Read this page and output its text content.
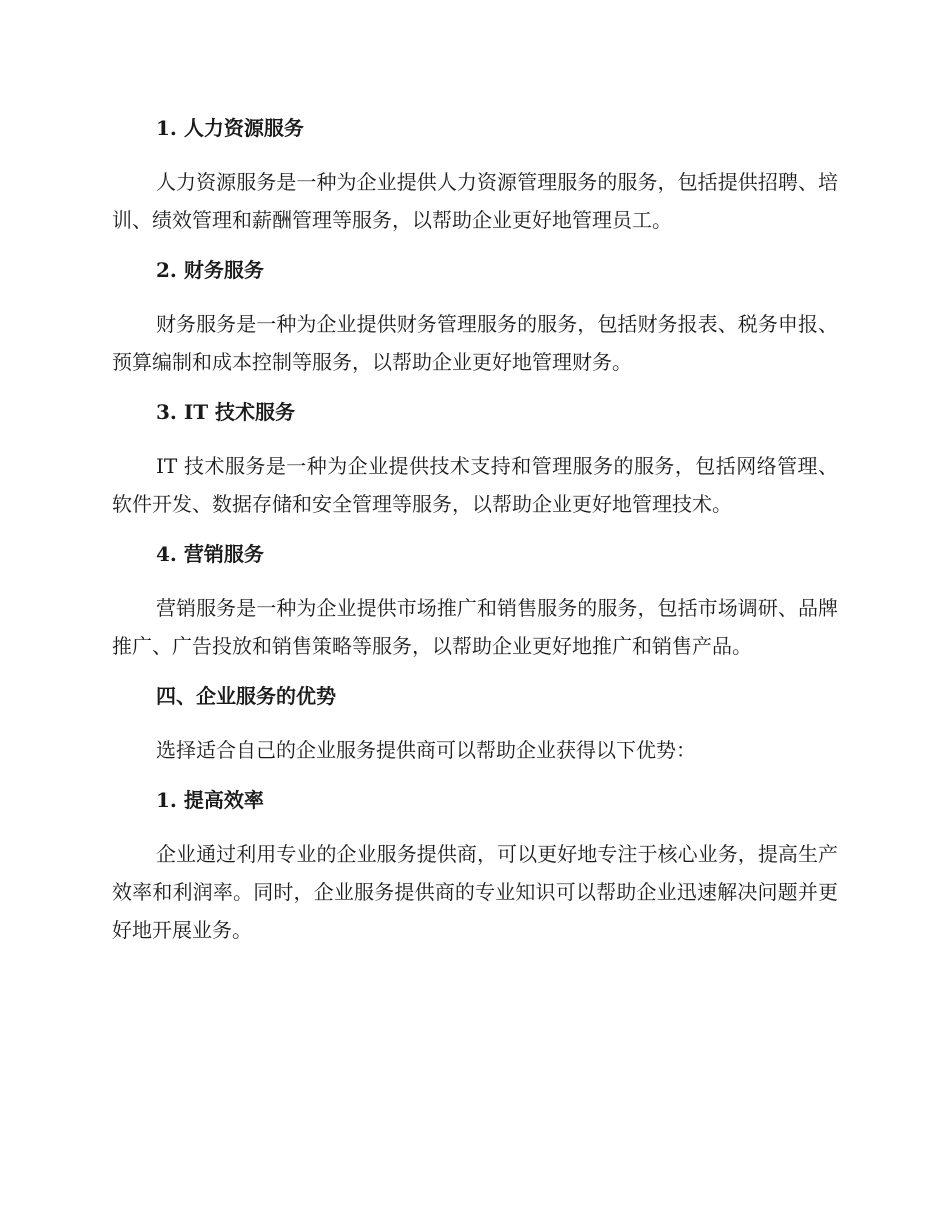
1. 人力资源服务

人力资源服务是一种为企业提供人力资源管理服务的服务，包括提供招聘、培训、绩效管理和薪酬管理等服务，以帮助企业更好地管理员工。

2. 财务服务

财务服务是一种为企业提供财务管理服务的服务，包括财务报表、税务申报、预算编制和成本控制等服务，以帮助企业更好地管理财务。

3. IT 技术服务

IT 技术服务是一种为企业提供技术支持和管理服务的服务，包括网络管理、软件开发、数据存储和安全管理等服务，以帮助企业更好地管理技术。

4. 营销服务

营销服务是一种为企业提供市场推广和销售服务的服务，包括市场调研、品牌推广、广告投放和销售策略等服务，以帮助企业更好地推广和销售产品。

四、企业服务的优势

选择适合自己的企业服务提供商可以帮助企业获得以下优势：

1. 提高效率

企业通过利用专业的企业服务提供商，可以更好地专注于核心业务，提高生产效率和利润率。同时，企业服务提供商的专业知识可以帮助企业迅速解决问题并更好地开展业务。
